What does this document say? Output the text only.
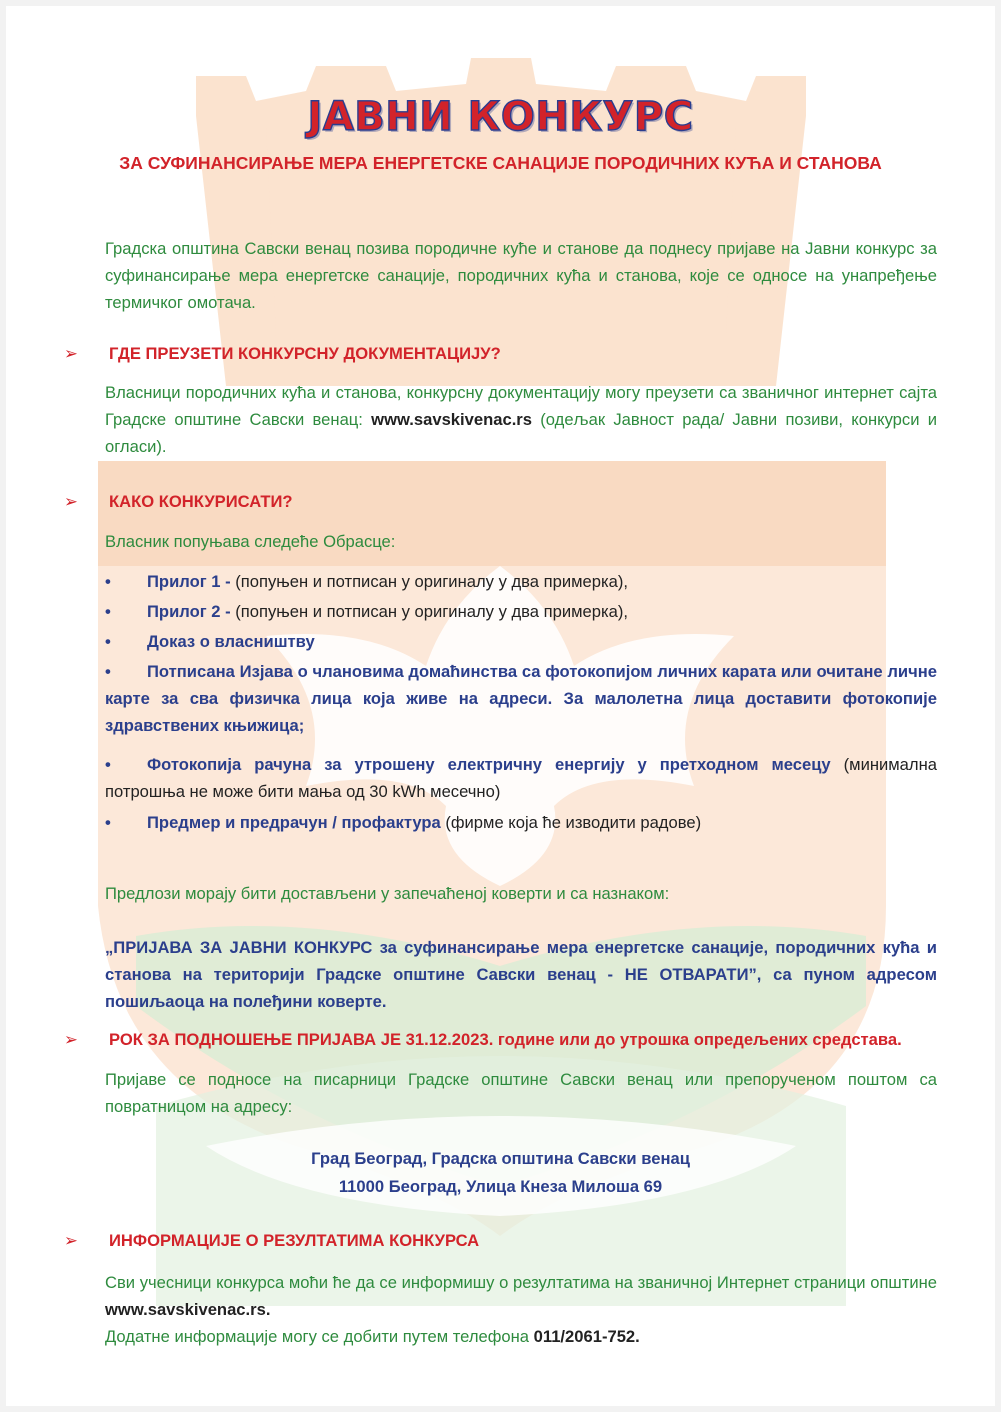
ЈАВНИ КОНКУРС
ЗА СУФИНАНСИРАЊЕ МЕРА ЕНЕРГЕТСКЕ САНАЦИЈЕ ПОРОДИЧНИХ КУЋА И СТАНОВА
Градска општина Савски венац позива породичне куће и станове да поднесу пријаве на Јавни конкурс за суфинансирање мера енергетске санације, породичних кућа и станова, које се односе на унапређење термичког омотача.
➢ ГДЕ ПРЕУЗЕТИ КОНКУРСНУ ДОКУМЕНТАЦИЈУ?
Власници породичних кућа и станова, конкурсну документацију могу преузети са званичног интернет сајта Градске општине Савски венац: www.savskivenac.rs (одељак Јавност рада/ Јавни позиви, конкурси и огласи).
➢ КАКО КОНКУРИСАТИ?
Власник попуњава следеће Обрасце:
• Прилог 1 - (попуњен и потписан у оригиналу у два примерка),
• Прилог 2 - (попуњен и потписан у оригиналу у два примерка),
• Доказ о власништву
• Потписана Изјава о члановима домаћинства са фотокопијом личних карата или очитане личне карте за сва физичка лица која живе на адреси. За малолетна лица доставити фотокопије здравствених књижица;
• Фотокопија рачуна за утрошену електричну енергију у претходном месецу (минимална потрошња не може бити мања од 30 kWh месечно)
• Предмер и предрачун / профактура (фирме која ће изводити радове)
Предлози морају бити достављени у запечаћеној коверти и са назнаком:
„ПРИЈАВА ЗА ЈАВНИ КОНКУРС за суфинансирање мера енергетске санације, породичних кућа и станова на територији Градске општине Савски венац - НЕ ОТВАРАТИ”, са пуном адресом пошиљаоца на полеђини коверте.
➢ РОК ЗА ПОДНОШЕЊЕ ПРИЈАВА ЈЕ 31.12.2023. године или до утрошка опредељених средстава.
Пријаве се подносе на писарници Градске општине Савски венац или препорученом поштом са повратницом на адресу:
Град Београд, Градска општина Савски венац
11000 Београд, Улица Кнеза Милоша 69
➢ ИНФОРМАЦИЈЕ О РЕЗУЛТАТИМА КОНКУРСА
Сви учесници конкурса моћи ће да се информишу о резултатима на званичној Интернет страници општине www.savskivenac.rs.
Додатне информације могу се добити путем телефона 011/2061-752.
